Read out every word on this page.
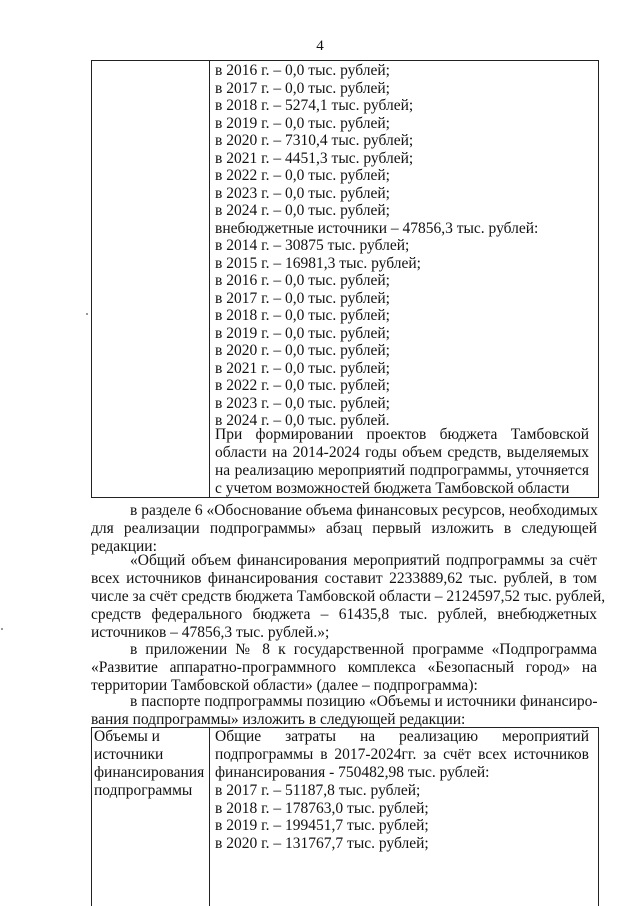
4
в 2016 г. – 0,0 тыс. рублей;
в 2017 г. – 0,0 тыс. рублей;
в 2018 г. – 5274,1 тыс. рублей;
в 2019 г. – 0,0 тыс. рублей;
в 2020 г. – 7310,4 тыс. рублей;
в 2021 г. – 4451,3 тыс. рублей;
в 2022 г. – 0,0 тыс. рублей;
в 2023 г. – 0,0 тыс. рублей;
в 2024 г. – 0,0 тыс. рублей;
внебюджетные источники – 47856,3 тыс. рублей:
в 2014 г. – 30875 тыс. рублей;
в 2015 г. – 16981,3 тыс. рублей;
в 2016 г. – 0,0 тыс. рублей;
в 2017 г. – 0,0 тыс. рублей;
в 2018 г. – 0,0 тыс. рублей;
в 2019 г. – 0,0 тыс. рублей;
в 2020 г. – 0,0 тыс. рублей;
в 2021 г. – 0,0 тыс. рублей;
в 2022 г. – 0,0 тыс. рублей;
в 2023 г. – 0,0 тыс. рублей;
в 2024 г. – 0,0 тыс. рублей.
При формировании проектов бюджета Тамбовской
области на 2014-2024 годы объем средств, выделяемых
на реализацию мероприятий подпрограммы, уточняется
с учетом возможностей бюджета Тамбовской области
в разделе 6 «Обоснование объема финансовых ресурсов, необходимых
для реализации подпрограммы» абзац первый изложить в следующей
редакции:
«Общий объем финансирования мероприятий подпрограммы за счёт
всех источников финансирования составит 2233889,62 тыс. рублей, в том
числе за счёт средств бюджета Тамбовской области – 2124597,52 тыс. рублей,
средств федерального бюджета – 61435,8 тыс. рублей, внебюджетных
источников – 47856,3 тыс. рублей.»;
в приложении № 8 к государственной программе «Подпрограмма
«Развитие аппаратно-программного комплекса «Безопасный город» на
территории Тамбовской области» (далее – подпрограмма):
в паспорте подпрограммы позицию «Объемы и источники финансиро-
вания подпрограммы» изложить в следующей редакции:
Объемы и
источники
финансирования
подпрограммы
Общие затраты на реализацию мероприятий
подпрограммы в 2017-2024гг. за счёт всех источников
финансирования - 750482,98 тыс. рублей:
в 2017 г. – 51187,8 тыс. рублей;
в 2018 г. – 178763,0 тыс. рублей;
в 2019 г. – 199451,7 тыс. рублей;
в 2020 г. – 131767,7 тыс. рублей;
